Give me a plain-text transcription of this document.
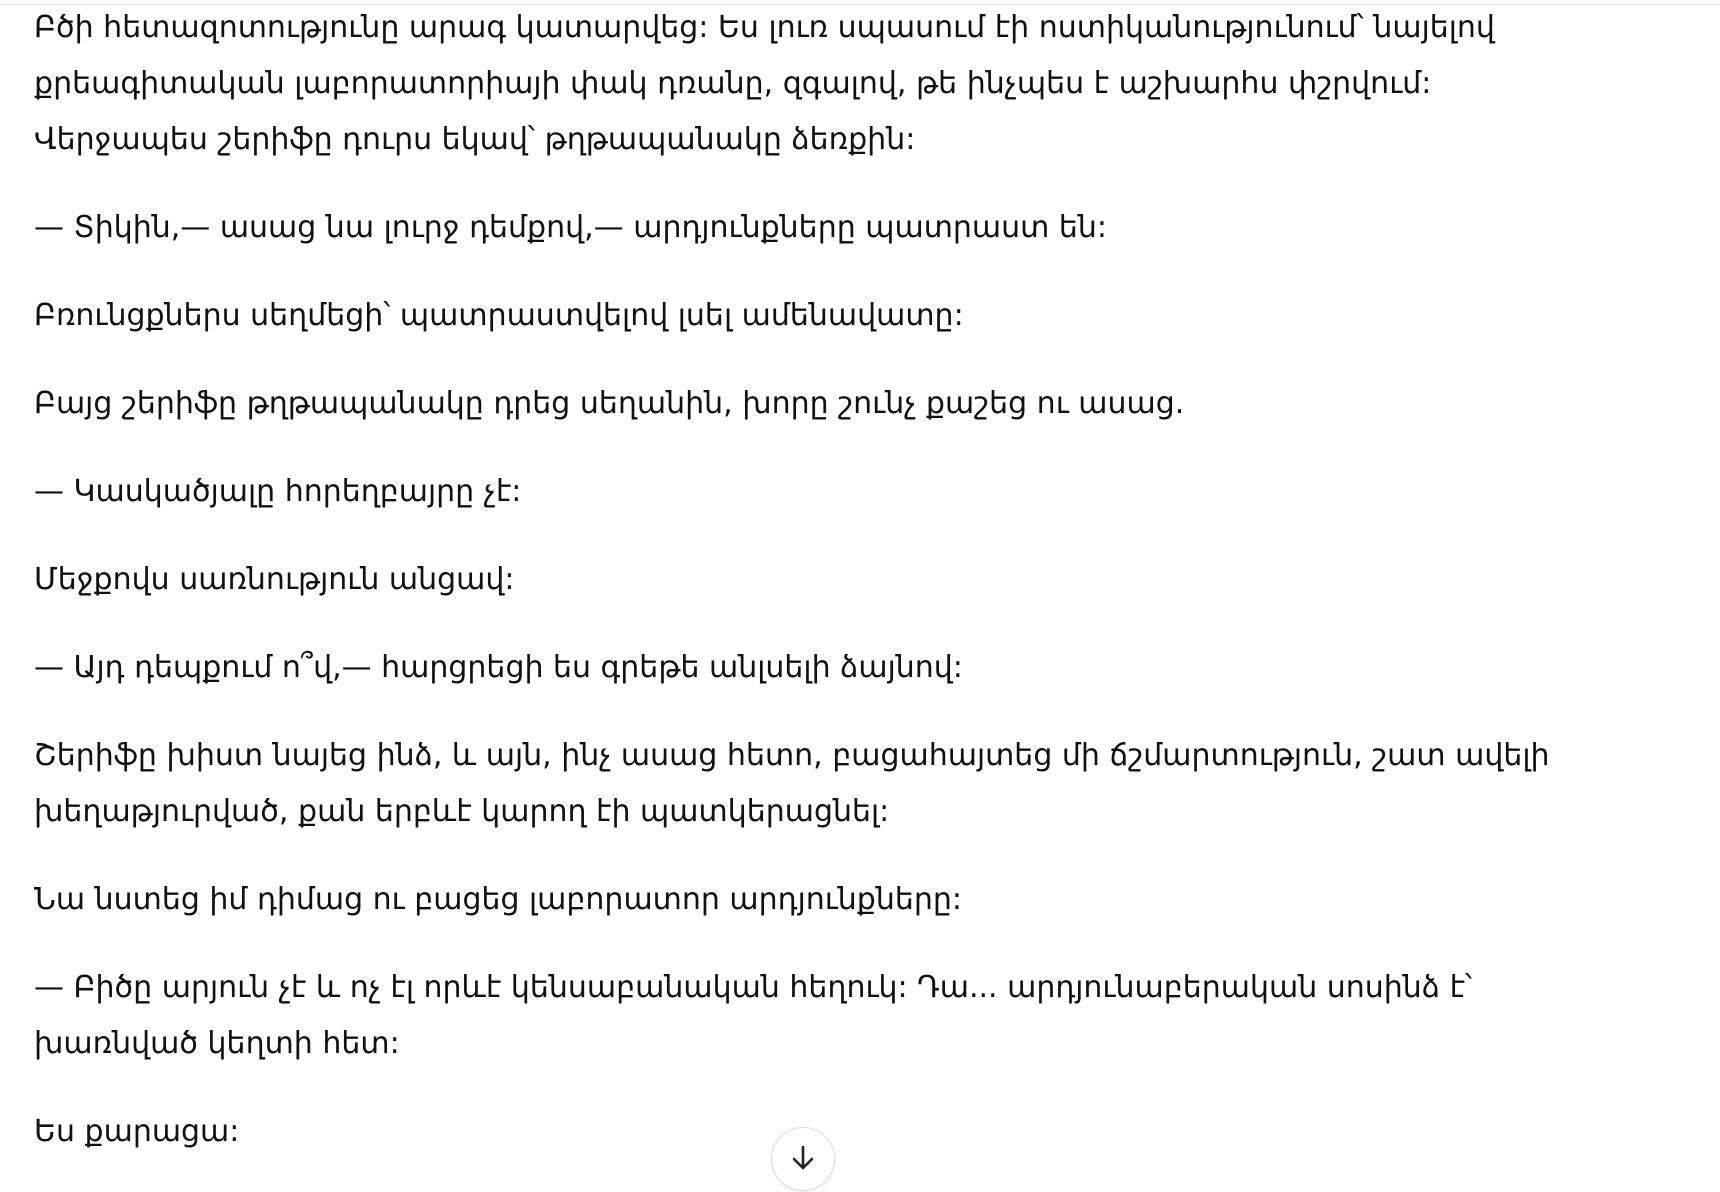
Բծի հետազոտությունը արագ կատարվեց: Ես լուռ սպասում էի ոստիկանությունում՝ նայելով քրեագիտական լաբորատորիայի փակ դռանը, զգալով, թե ինչպես է աշխարհս փշրվում: Վերջապես շերիֆը դուրս եկավ՝ թղթապանակը ձեռքին:

— Տիկին,— ասաց նա լուրջ դեմքով,— արդյունքները պատրաստ են:

Բռունցքներս սեղմեցի՝ պատրաստվելով լսել ամենավատը:

Բայց շերիֆը թղթապանակը դրեց սեղանին, խորը շունչ քաշեց ու ասաց.

— Կասկածյալը հորեղբայրը չէ:

Մեջքովս սառնություն անցավ:

— Այդ դեպքում ո՞վ,— հարցրեցի ես գրեթե անլսելի ձայնով:

Շերիֆը խիստ նայեց ինձ, և այն, ինչ ասաց հետո, բացահայտեց մի ճշմարտություն, շատ ավելի խեղաթյուրված, քան երբևէ կարող էի պատկերացնել:

Նա նստեց իմ դիմաց ու բացեց լաբորատոր արդյունքները:

— Բիծը արյուն չէ և ոչ էլ որևէ կենսաբանական հեղուկ: Դա... արդյունաբերական սոսինձ է՝ խառնված կեղտի հետ:

Ես քարացա:
